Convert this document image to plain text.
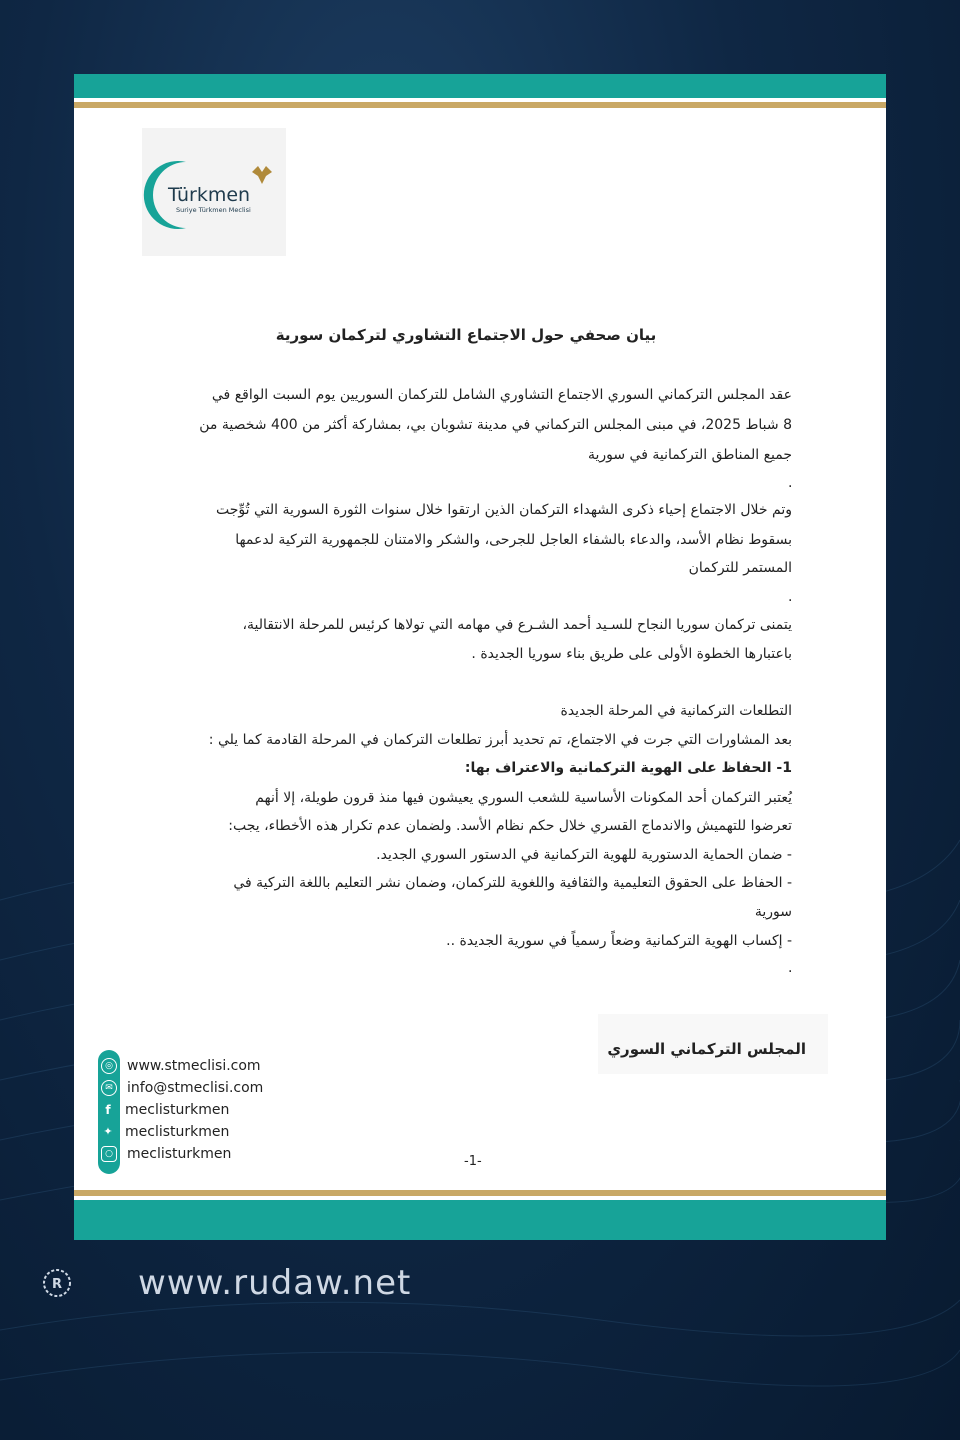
Türkmen
Suriye Türkmen Meclisi
بيان صحفي حول الاجتماع التشاوري لتركمان سورية

عقد المجلس التركماني السوري الاجتماع التشاوري الشامل للتركمان السوريين يوم السبت الواقع في

8 شباط 2025، في مبنى المجلس التركماني في مدينة تشوبان بي، بمشاركة أكثر من 400 شخصية من

جميع المناطق التركمانية في سورية

.

وتم خلال الاجتماع إحياء ذكرى الشهداء التركمان الذين ارتقوا خلال سنوات الثورة السورية التي تُوِّجت

بسقوط نظام الأسد، والدعاء بالشفاء العاجل للجرحى، والشكر والامتنان للجمهورية التركية لدعمها

المستمر للتركمان

.

يتمنى تركمان سوريا النجاح للسـيد أحمد الشـرع في مهامه التي تولاها كرئيس للمرحلة الانتقالية،

باعتبارها الخطوة الأولى على طريق بناء سوريا الجديدة .

التطلعات التركمانية في المرحلة الجديدة

بعد المشاورات التي جرت في الاجتماع، تم تحديد أبرز تطلعات التركمان في المرحلة القادمة كما يلي :

1- الحفاظ على الهوية التركمانية والاعتراف بها:

يُعتبر التركمان أحد المكونات الأساسية للشعب السوري يعيشون فيها منذ قرون طويلة، إلا أنهم

تعرضوا للتهميش والاندماج القسري خلال حكم نظام الأسد. ولضمان عدم تكرار هذه الأخطاء، يجب:

- ضمان الحماية الدستورية للهوية التركمانية في الدستور السوري الجديد.

- الحفاظ على الحقوق التعليمية والثقافية واللغوية للتركمان، وضمان نشر التعليم باللغة التركية في

سورية

- إكساب الهوية التركمانية وضعاً رسمياً في سورية الجديدة ..

.
المجلس التركماني السوري
◎ www.stmeclisi.com
✉	info@stmeclisi.com
f	meclisturkmen
✦ meclisturkmen
○ meclisturkmen	-1-
R www.rudaw.net
